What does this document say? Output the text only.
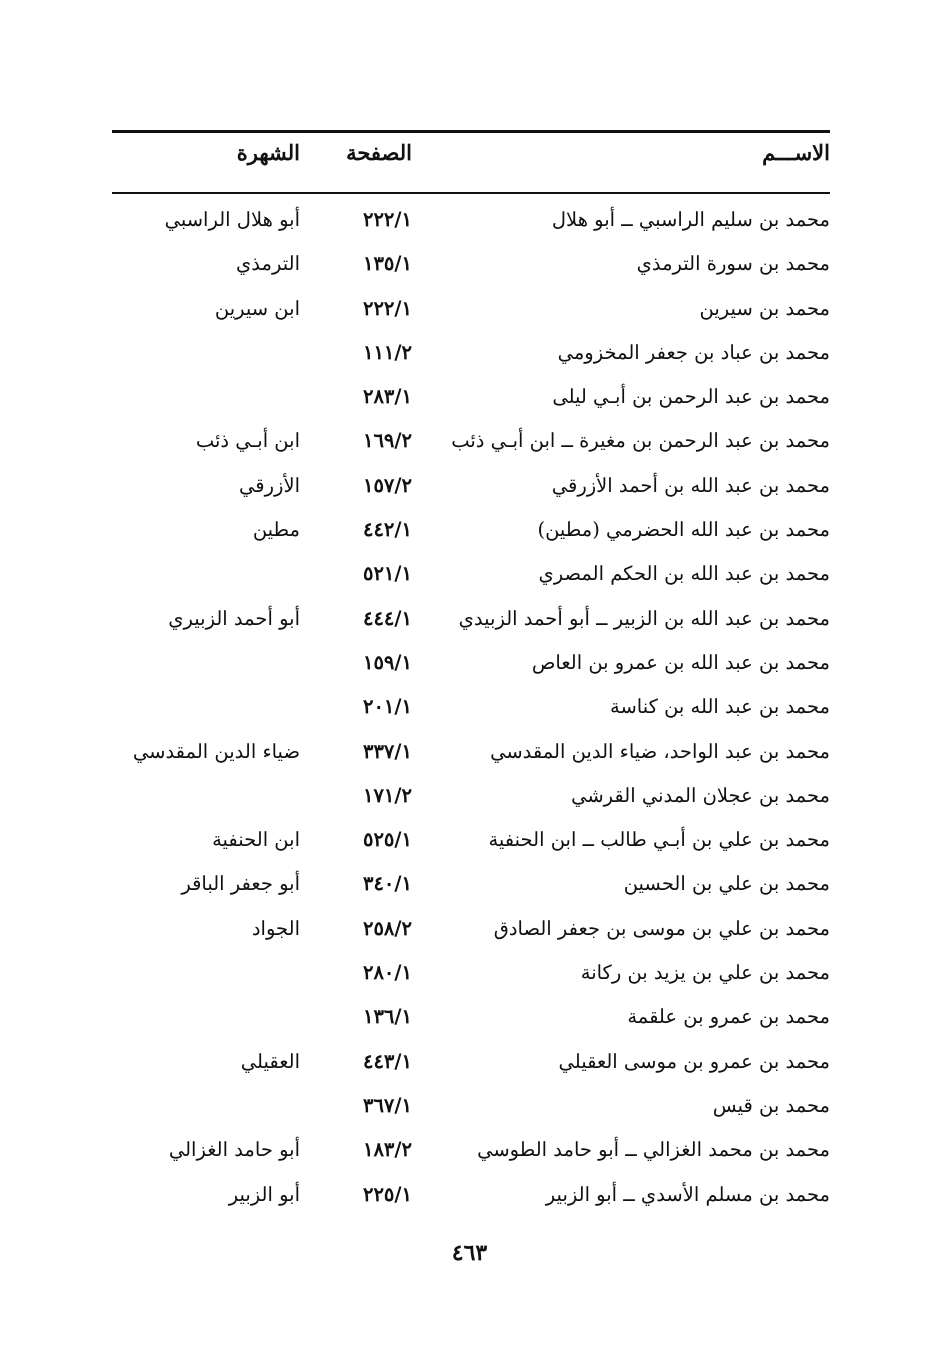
الاســـم
الصفحة
الشهرة
محمد بن سليم الراسبي ــ أبو هلال
٢٢٢/١
أبو هلال الراسبي
محمد بن سورة الترمذي
١٣٥/١
الترمذي
محمد بن سيرين
٢٢٢/١
ابن سيرين
محمد بن عباد بن جعفر المخزومي
١١١/٢
محمد بن عبد الرحمن بن أبـي ليلى
٢٨٣/١
محمد بن عبد الرحمن بن مغيرة ــ ابن أبـي ذئب
١٦٩/٢
ابن أبـي ذئب
محمد بن عبد الله بن أحمد الأزرقي
١٥٧/٢
الأزرقي
محمد بن عبد الله الحضرمي (مطين)
٤٤٢/١
مطين
محمد بن عبد الله بن الحكم المصري
٥٢١/١
محمد بن عبد الله بن الزبير ــ أبو أحمد الزبيدي
٤٤٤/١
أبو أحمد الزبيري
محمد بن عبد الله بن عمرو بن العاص
١٥٩/١
محمد بن عبد الله بن كناسة
٢٠١/١
محمد بن عبد الواحد، ضياء الدين المقدسي
٣٣٧/١
ضياء الدين المقدسي
محمد بن عجلان المدني القرشي
١٧١/٢
محمد بن علي بن أبـي طالب ــ ابن الحنفية
٥٢٥/١
ابن الحنفية
محمد بن علي بن الحسين
٣٤٠/١
أبو جعفر الباقر
محمد بن علي بن موسى بن جعفر الصادق
٢٥٨/٢
الجواد
محمد بن علي بن يزيد بن ركانة
٢٨٠/١
محمد بن عمرو بن علقمة
١٣٦/١
محمد بن عمرو بن موسى العقيلي
٤٤٣/١
العقيلي
محمد بن قيس
٣٦٧/١
محمد بن محمد الغزالي ــ أبو حامد الطوسي
١٨٣/٢
أبو حامد الغزالي
محمد بن مسلم الأسدي ــ أبو الزبير
٢٢٥/١
أبو الزبير
٤٦٣
